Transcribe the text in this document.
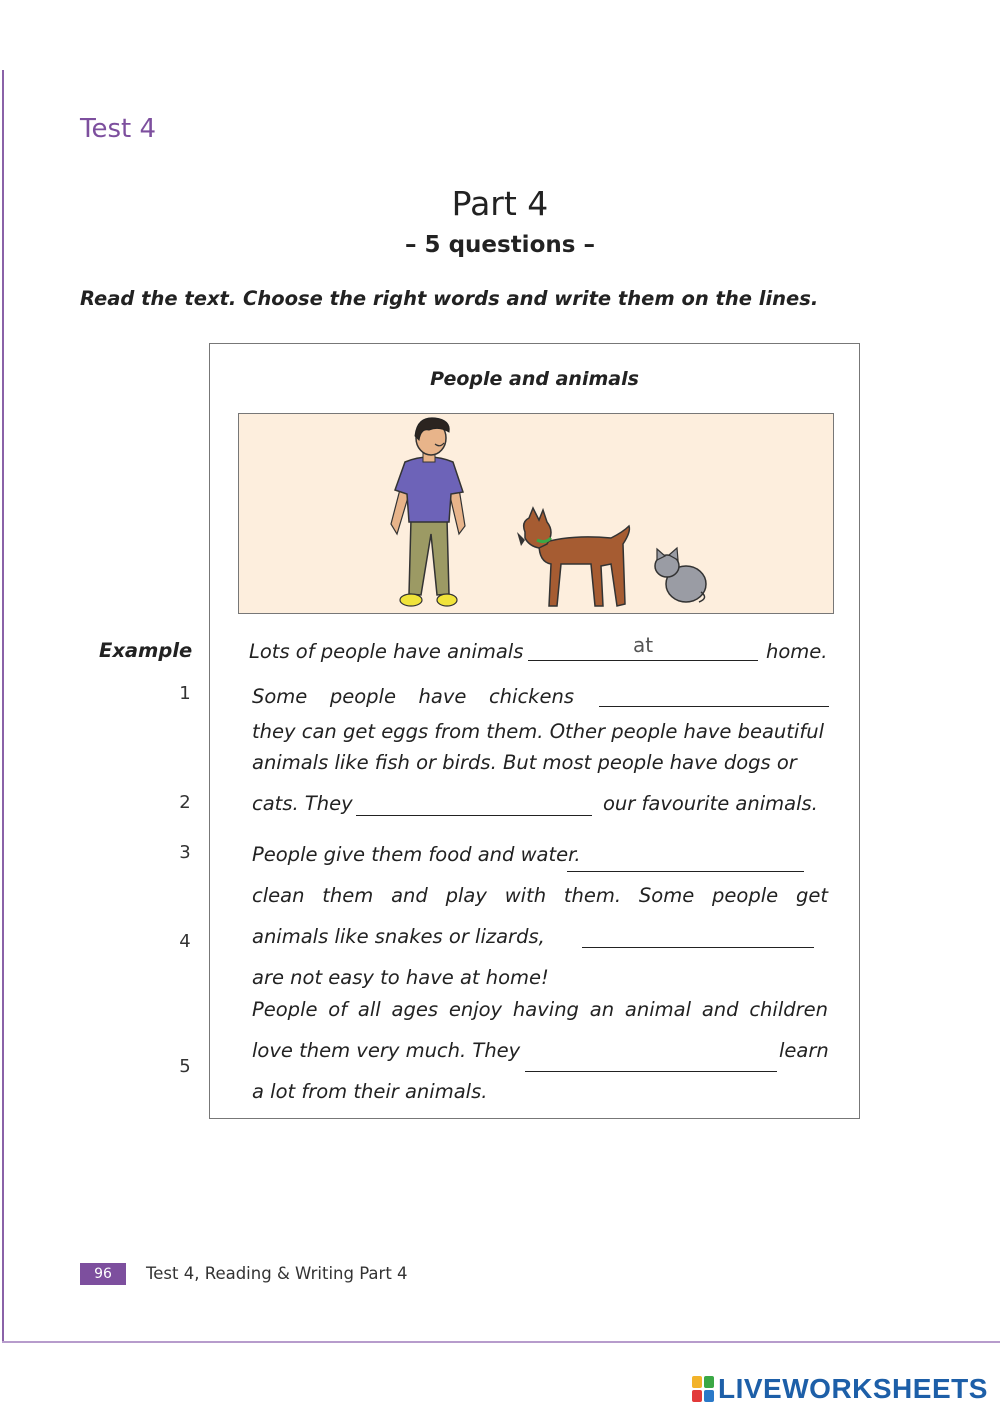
Test 4
Part 4
– 5 questions –
Read the text. Choose the right words and write them on the lines.
People and animals
Example	Lots of people have animals	at	home.
1
2
3
4
5
Some people have chickens
they can get eggs from them. Other people have beautiful
animals like fish or birds. But most people have dogs or
cats. They	our favourite animals.
People give them food and water.
clean them and play with them. Some people get
animals like snakes or lizards,
are not easy to have at home!
People of all ages enjoy having an animal and children
love them very much. They	learn
a lot from their animals.
96	Test 4, Reading & Writing Part 4
LIVEWORKSHEETS
